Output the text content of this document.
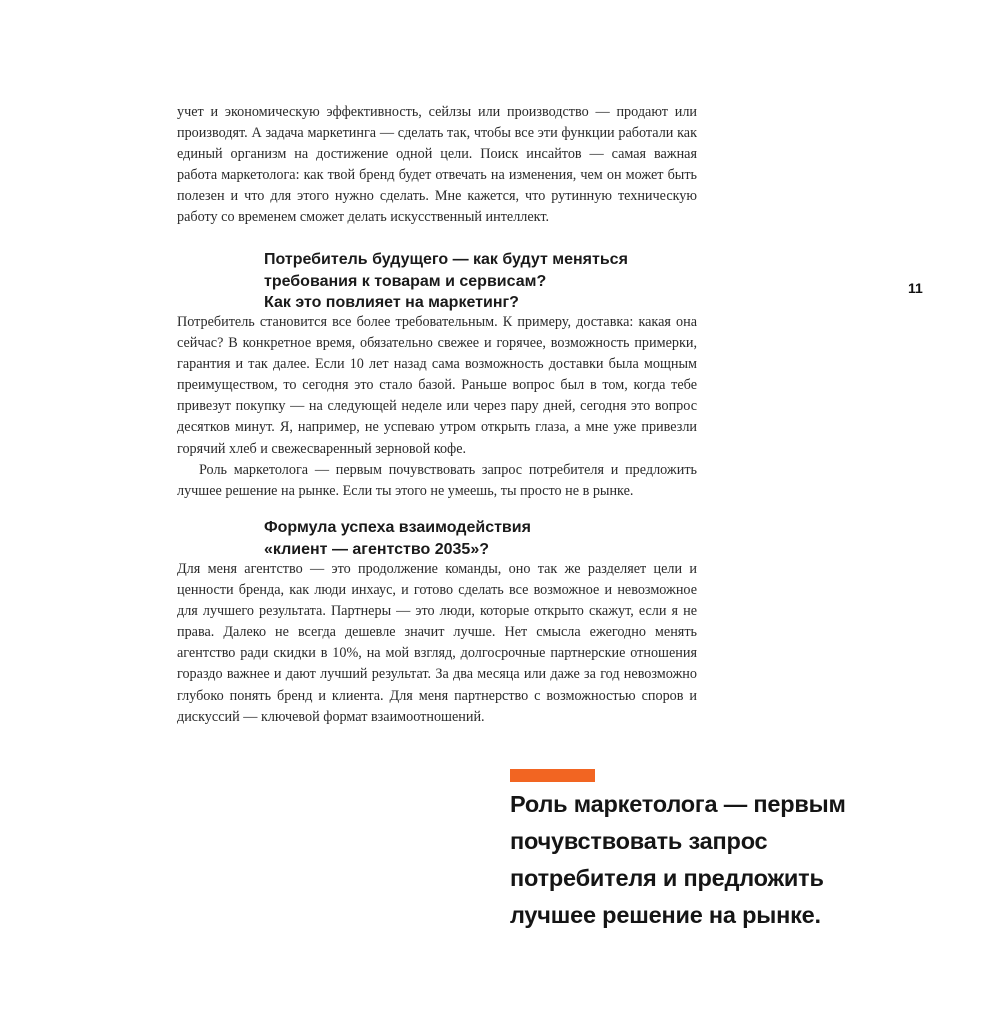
11

учет и экономическую эффективность, сейлзы или производство — продают или производят. А задача маркетинга — сделать так, чтобы все эти функции работали как единый организм на достижение одной цели. Поиск инсайтов — самая важная работа маркетолога: как твой бренд будет отвечать на изменения, чем он может быть полезен и что для этого нужно сделать. Мне кажется, что рутинную техническую работу со временем сможет делать искусственный интеллект.

Потребитель будущего — как будут меняться
требования к товарам и сервисам?
Как это повлияет на маркетинг?

Потребитель становится все более требовательным. К примеру, доставка: какая она сейчас? В конкретное время, обязательно свежее и горячее, возможность примерки, гарантия и так далее. Если 10 лет назад сама возможность доставки была мощным преимуществом, то сегодня это стало базой. Раньше вопрос был в том, когда тебе привезут покупку — на следующей неделе или через пару дней, сегодня это вопрос десятков минут. Я, например, не успеваю утром открыть глаза, а мне уже привезли горячий хлеб и свежесваренный зерновой кофе.

Роль маркетолога — первым почувствовать запрос потребителя и предложить лучшее решение на рынке. Если ты этого не умеешь, ты просто не в рынке.

Формула успеха взаимодействия
«клиент — агентство 2035»?

Для меня агентство — это продолжение команды, оно так же разделяет цели и ценности бренда, как люди инхаус, и готово сделать все возможное и невозможное для лучшего результата. Партнеры — это люди, которые открыто скажут, если я не права. Далеко не всегда дешевле значит лучше. Нет смысла ежегодно менять агентство ради скидки в 10%, на мой взгляд, долгосрочные партнерские отношения гораздо важнее и дают лучший результат. За два месяца или даже за год невозможно глубоко понять бренд и клиента. Для меня партнерство с возможностью споров и дискуссий — ключевой формат взаимоотношений.

Роль маркетолога — первым
почувствовать запрос
потребителя и предложить
лучшее решение на рынке.
